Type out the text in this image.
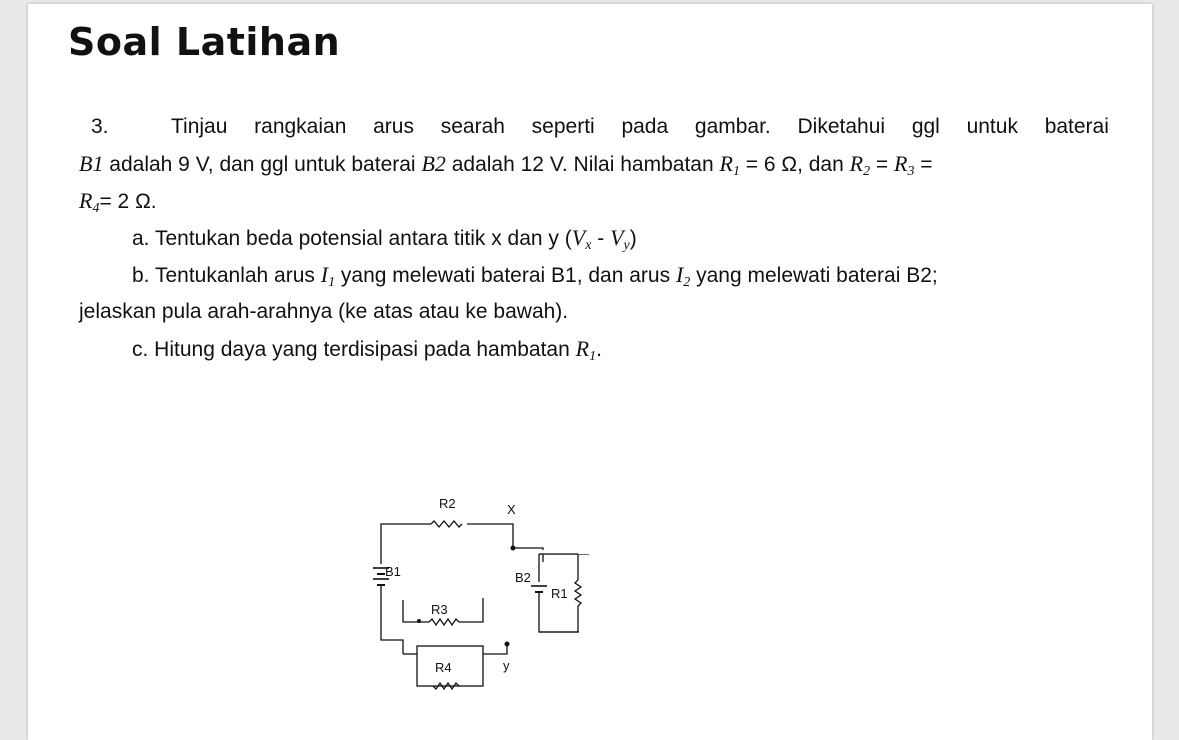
Soal Latihan
3.	Tinjau rangkaian arus searah seperti pada gambar. Diketahui ggl untuk baterai
B1 adalah 9 V, dan ggl untuk baterai B2 adalah 12 V. Nilai hambatan $R_1 = 6$ Ω, dan $R_2 = R_3$ =
$R_4= 2$ Ω.
a. Tentukan beda potensial antara titik x dan y $(V_x - V_y)$
b. Tentukanlah arus $I_1$ yang melewati baterai B1, dan arus $I_2$ yang melewati baterai B2;
jelaskan pula arah-arahnya (ke atas atau ke bawah).
c. Hitung daya yang terdisipasi pada hambatan $R_1$.
R2	X
B1	B2
R1
R3
R4	y
